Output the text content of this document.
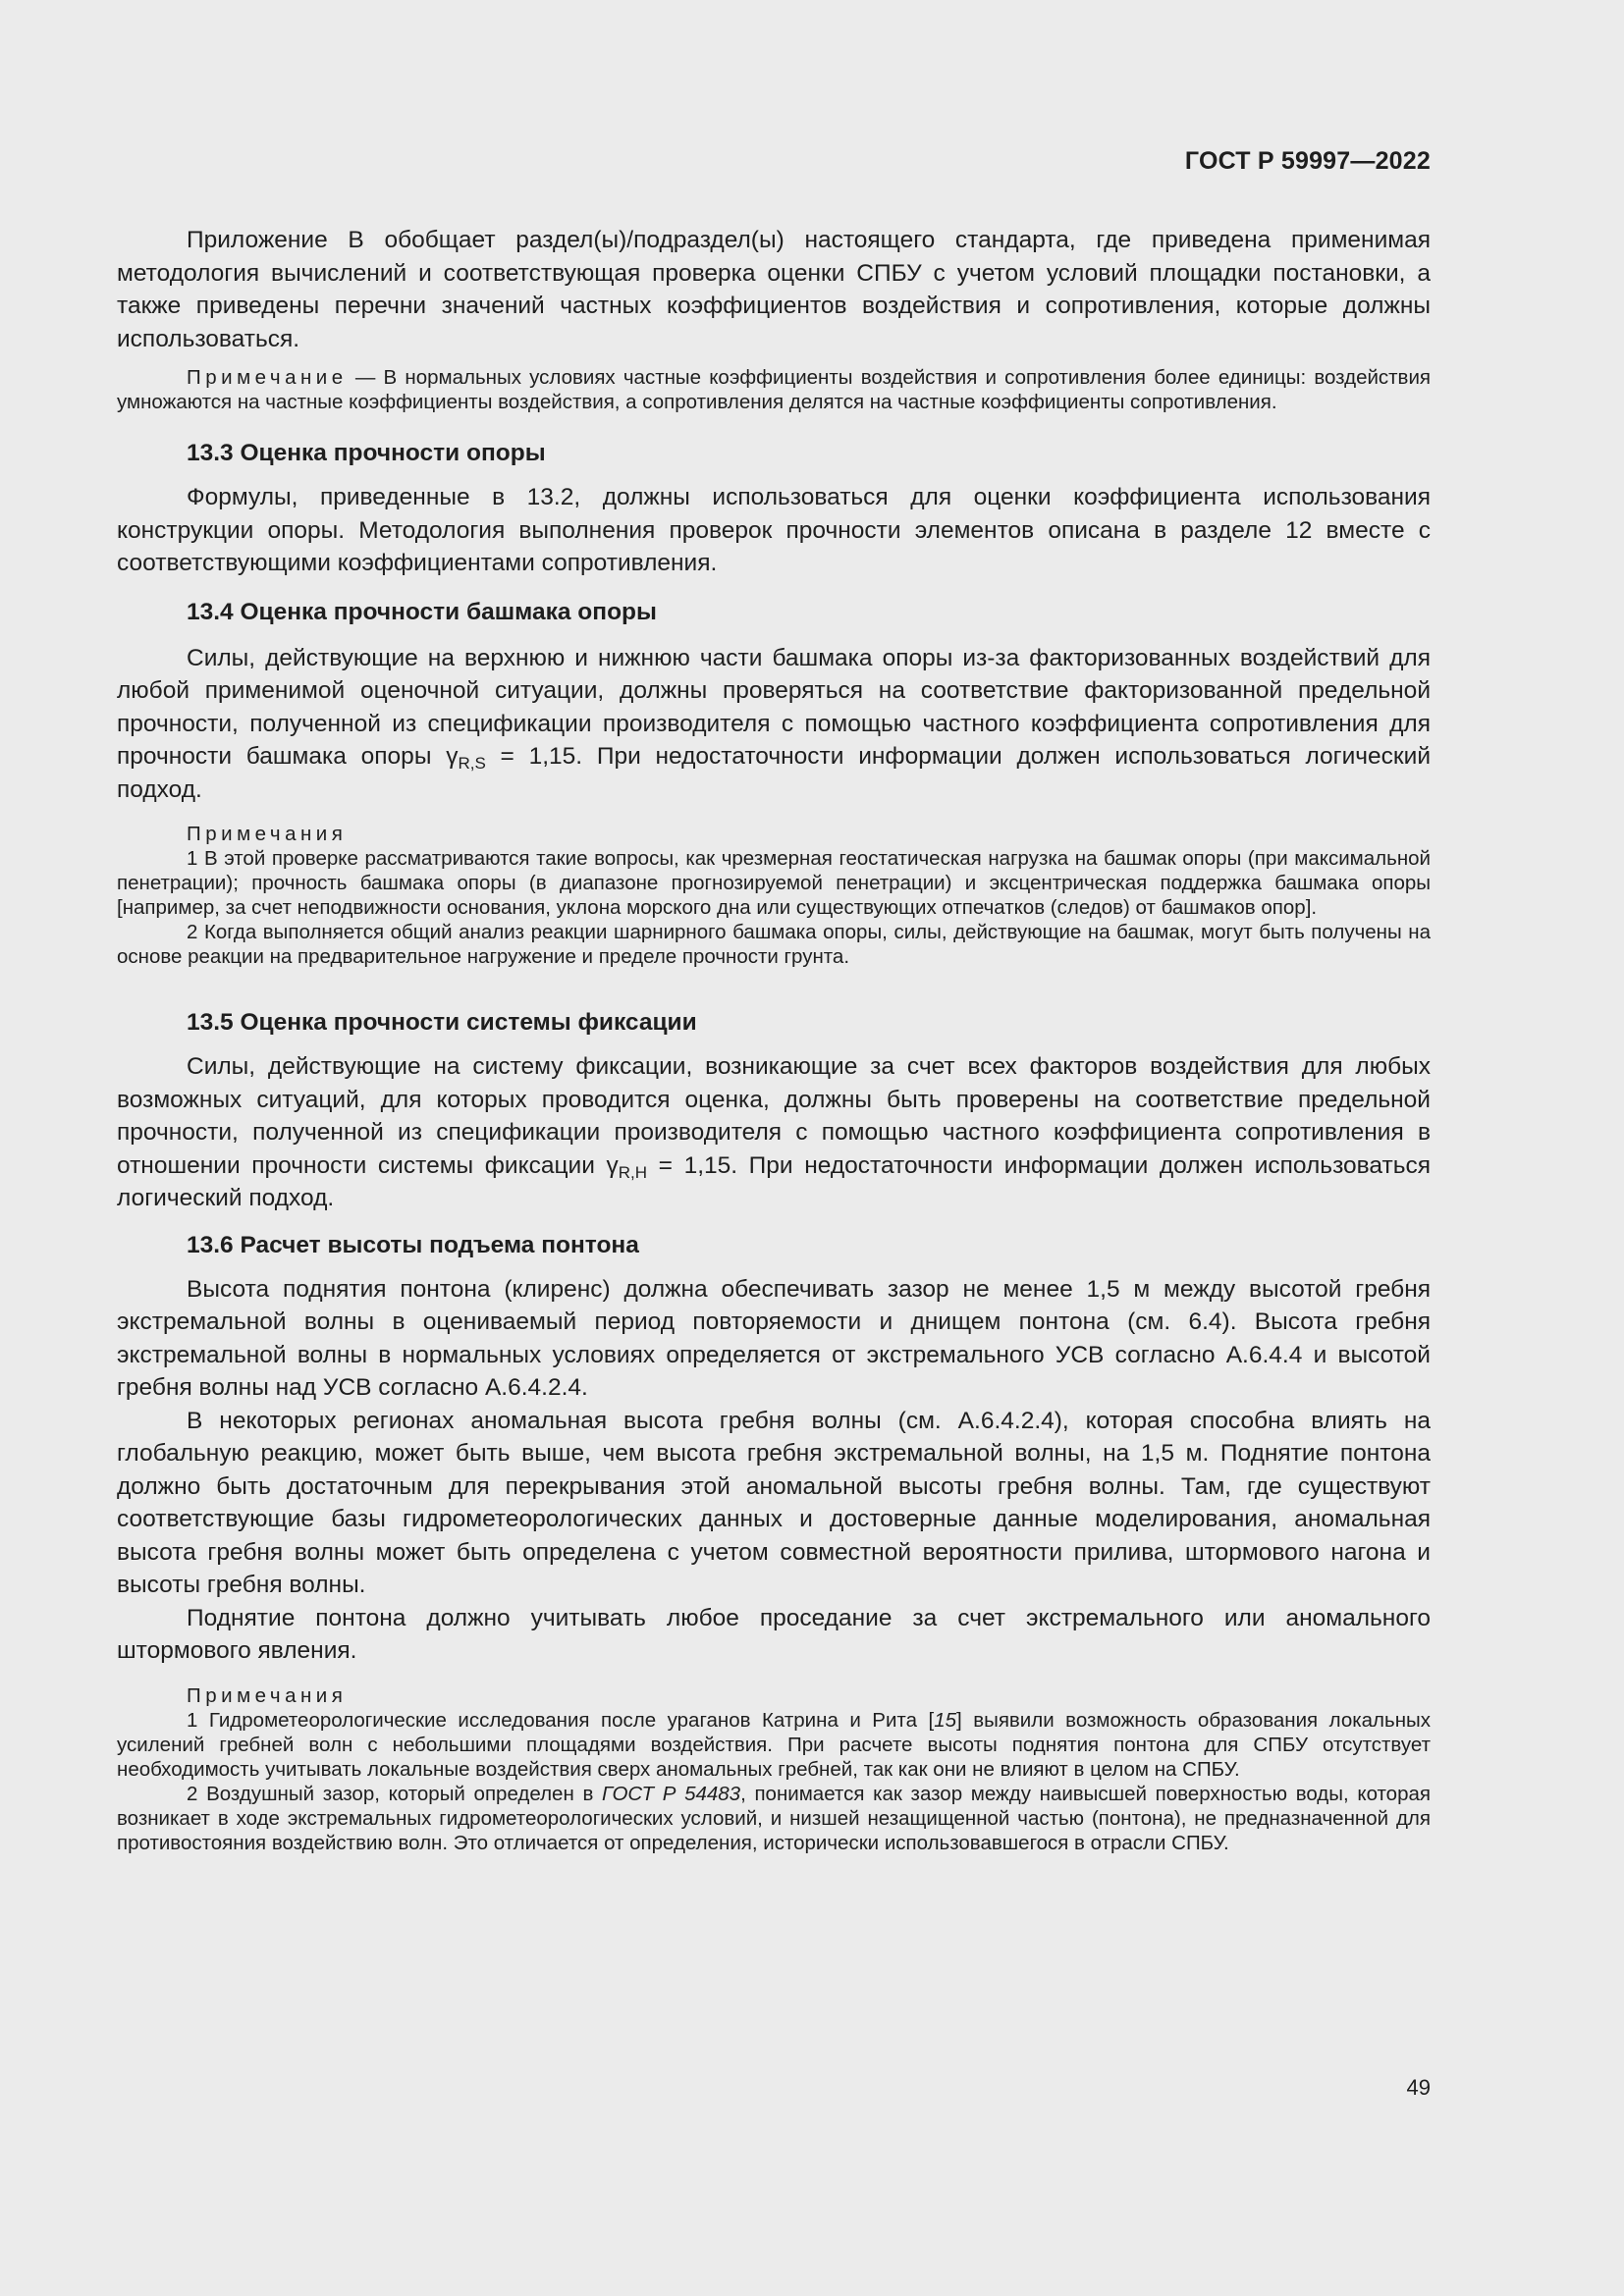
ГОСТ Р 59997—2022

Приложение В обобщает раздел(ы)/подраздел(ы) настоящего стандарта, где приведена применимая методология вычислений и соответствующая проверка оценки СПБУ с учетом условий площадки постановки, а также приведены перечни значений частных коэффициентов воздействия и сопротивления, которые должны использоваться.

Примечание — В нормальных условиях частные коэффициенты воздействия и сопротивления более единицы: воздействия умножаются на частные коэффициенты воздействия, а сопротивления делятся на частные коэффициенты сопротивления.

13.3 Оценка прочности опоры

Формулы, приведенные в 13.2, должны использоваться для оценки коэффициента использования конструкции опоры. Методология выполнения проверок прочности элементов описана в разделе 12 вместе с соответствующими коэффициентами сопротивления.

13.4 Оценка прочности башмака опоры

Силы, действующие на верхнюю и нижнюю части башмака опоры из-за факторизованных воздействий для любой применимой оценочной ситуации, должны проверяться на соответствие факторизованной предельной прочности, полученной из спецификации производителя с помощью частного коэффициента сопротивления для прочности башмака опоры $\gamma_{R,S} = 1,15$. При недостаточности информации должен использоваться логический подход.

Примечания

1 В этой проверке рассматриваются такие вопросы, как чрезмерная геостатическая нагрузка на башмак опоры (при максимальной пенетрации); прочность башмака опоры (в диапазоне прогнозируемой пенетрации) и эксцентрическая поддержка башмака опоры [например, за счет неподвижности основания, уклона морского дна или существующих отпечатков (следов) от башмаков опор].

2 Когда выполняется общий анализ реакции шарнирного башмака опоры, силы, действующие на башмак, могут быть получены на основе реакции на предварительное нагружение и пределе прочности грунта.

13.5 Оценка прочности системы фиксации

Силы, действующие на систему фиксации, возникающие за счет всех факторов воздействия для любых возможных ситуаций, для которых проводится оценка, должны быть проверены на соответствие предельной прочности, полученной из спецификации производителя с помощью частного коэффициента сопротивления в отношении прочности системы фиксации $\gamma_{R,H} = 1,15$. При недостаточности информации должен использоваться логический подход.

13.6 Расчет высоты подъема понтона

Высота поднятия понтона (клиренс) должна обеспечивать зазор не менее 1,5 м между высотой гребня экстремальной волны в оцениваемый период повторяемости и днищем понтона (см. 6.4). Высота гребня экстремальной волны в нормальных условиях определяется от экстремального УСВ согласно А.6.4.4 и высотой гребня волны над УСВ согласно А.6.4.2.4.

В некоторых регионах аномальная высота гребня волны (см. А.6.4.2.4), которая способна влиять на глобальную реакцию, может быть выше, чем высота гребня экстремальной волны, на 1,5 м. Поднятие понтона должно быть достаточным для перекрывания этой аномальной высоты гребня волны. Там, где существуют соответствующие базы гидрометеорологических данных и достоверные данные моделирования, аномальная высота гребня волны может быть определена с учетом совместной вероятности прилива, штормового нагона и высоты гребня волны.

Поднятие понтона должно учитывать любое проседание за счет экстремального или аномального штормового явления.

Примечания

1 Гидрометеорологические исследования после ураганов Катрина и Рита [15] выявили возможность образования локальных усилений гребней волн с небольшими площадями воздействия. При расчете высоты поднятия понтона для СПБУ отсутствует необходимость учитывать локальные воздействия сверх аномальных гребней, так как они не влияют в целом на СПБУ.

2 Воздушный зазор, который определен в ГОСТ Р 54483, понимается как зазор между наивысшей поверхностью воды, которая возникает в ходе экстремальных гидрометеорологических условий, и низшей незащищенной частью (понтона), не предназначенной для противостояния воздействию волн. Это отличается от определения, исторически использовавшегося в отрасли СПБУ.

49
